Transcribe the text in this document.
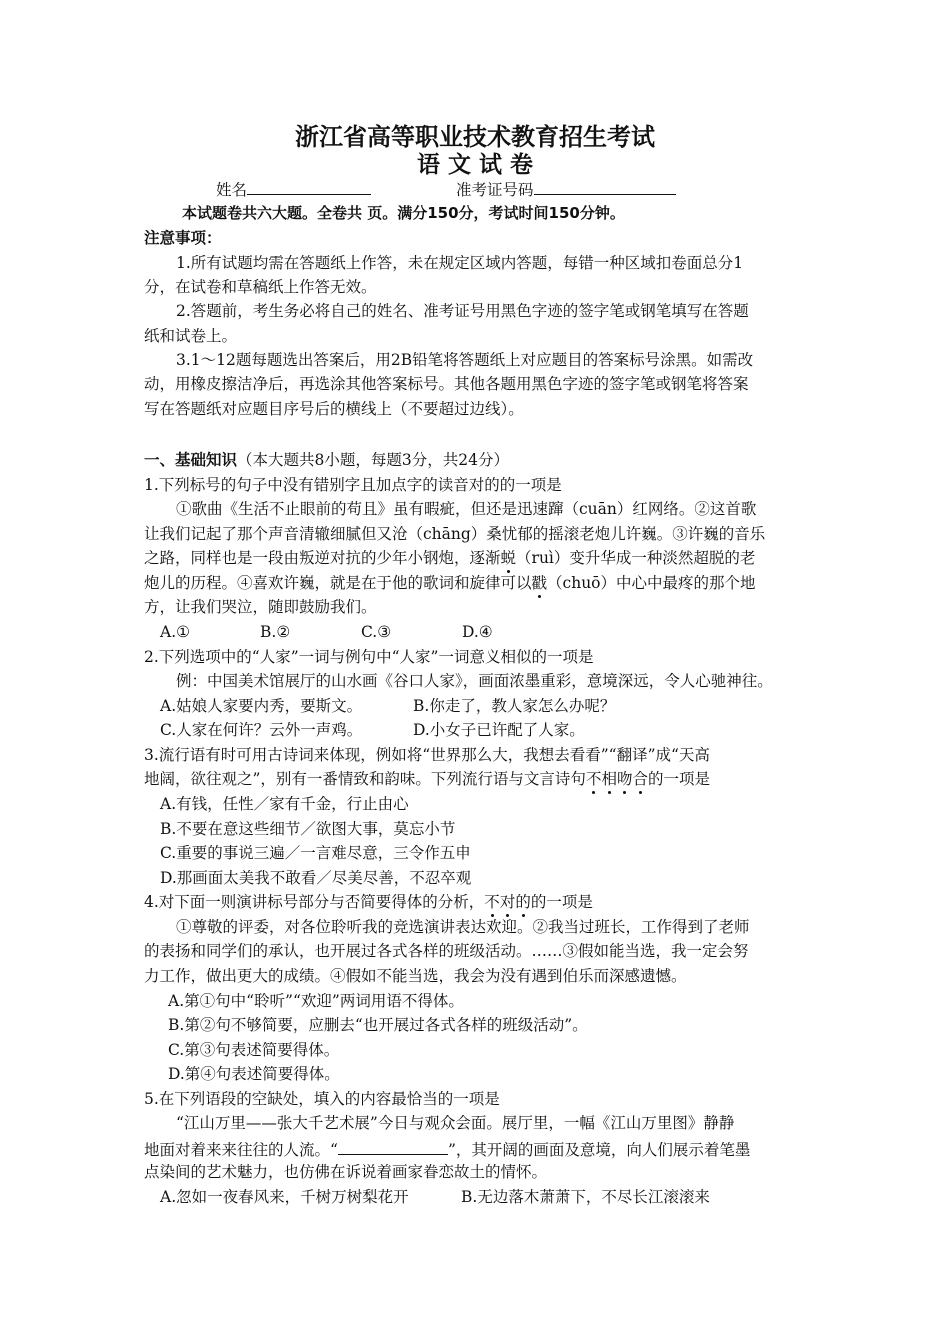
浙江省高等职业技术教育招生考试
语 文 试 卷
姓名	准考证号码
本试题卷共六大题。全卷共 页。满分150分，考试时间150分钟。
注意事项：
1.所有试题均需在答题纸上作答，未在规定区域内答题，每错一种区域扣卷面总分1
分，在试卷和草稿纸上作答无效。
2.答题前，考生务必将自己的姓名、准考证号用黑色字迹的签字笔或钢笔填写在答题
纸和试卷上。
3.1～12题每题选出答案后，用2B铅笔将答题纸上对应题目的答案标号涂黑。如需改
动，用橡皮擦洁净后，再选涂其他答案标号。其他各题用黑色字迹的签字笔或钢笔将答案
写在答题纸对应题目序号后的横线上（不要超过边线）。
一、基础知识（本大题共8小题，每题3分，共24分）
1.下列标号的句子中没有错别字且加点字的读音对的的一项是
①歌曲《生活不止眼前的苟且》虽有暇疵，但还是迅速蹿（cuān）红网络。②这首歌
让我们记起了那个声音清辙细腻但又沧（chāng）桑忧郁的摇滚老炮儿许巍。③许巍的音乐
之路，同样也是一段由叛逆对抗的少年小钢炮，逐渐蜕（ruì）变升华成一种淡然超脱的老
炮儿的历程。④喜欢许巍，就是在于他的歌词和旋律可以戳（chuō）中心中最疼的那个地
方，让我们哭泣，随即鼓励我们。
A.①	B.②	C.③	D.④
2.下列选项中的“人家”一词与例句中“人家”一词意义相似的一项是
例：中国美术馆展厅的山水画《谷口人家》，画面浓墨重彩，意境深远，令人心驰神往。
A.姑娘人家要内秀，要斯文。	B.你走了，教人家怎么办呢？
C.人家在何许？云外一声鸡。	D.小女子已许配了人家。
3.流行语有时可用古诗词来体现，例如将“世界那么大，我想去看看”“翻译”成“天高
地阔，欲往观之”，别有一番情致和韵味。下列流行语与文言诗句不相吻合的一项是
A.有钱，任性／家有千金，行止由心
B.不要在意这些细节／欲图大事，莫忘小节
C.重要的事说三遍／一言难尽意，三令作五申
D.那画面太美我不敢看／尽美尽善，不忍卒观
4.对下面一则演讲标号部分与否简要得体的分析，不对的的一项是
①尊敬的评委，对各位聆听我的竞选演讲表达欢迎。②我当过班长，工作得到了老师
的表扬和同学们的承认，也开展过各式各样的班级活动。……③假如能当选，我一定会努
力工作，做出更大的成绩。④假如不能当选，我会为没有遇到伯乐而深感遗憾。
A.第①句中“聆听”“欢迎”两词用语不得体。
B.第②句不够简要，应删去“也开展过各式各样的班级活动”。
C.第③句表述简要得体。
D.第④句表述简要得体。
5.在下列语段的空缺处，填入的内容最恰当的一项是
“江山万里——张大千艺术展”今日与观众会面。展厅里，一幅《江山万里图》静静
地面对着来来往往的人流。“	”，其开阔的画面及意境，向人们展示着笔墨
点染间的艺术魅力，也仿佛在诉说着画家眷恋故土的情怀。
A.忽如一夜春风来，千树万树梨花开	B.无边落木萧萧下，不尽长江滚滚来
